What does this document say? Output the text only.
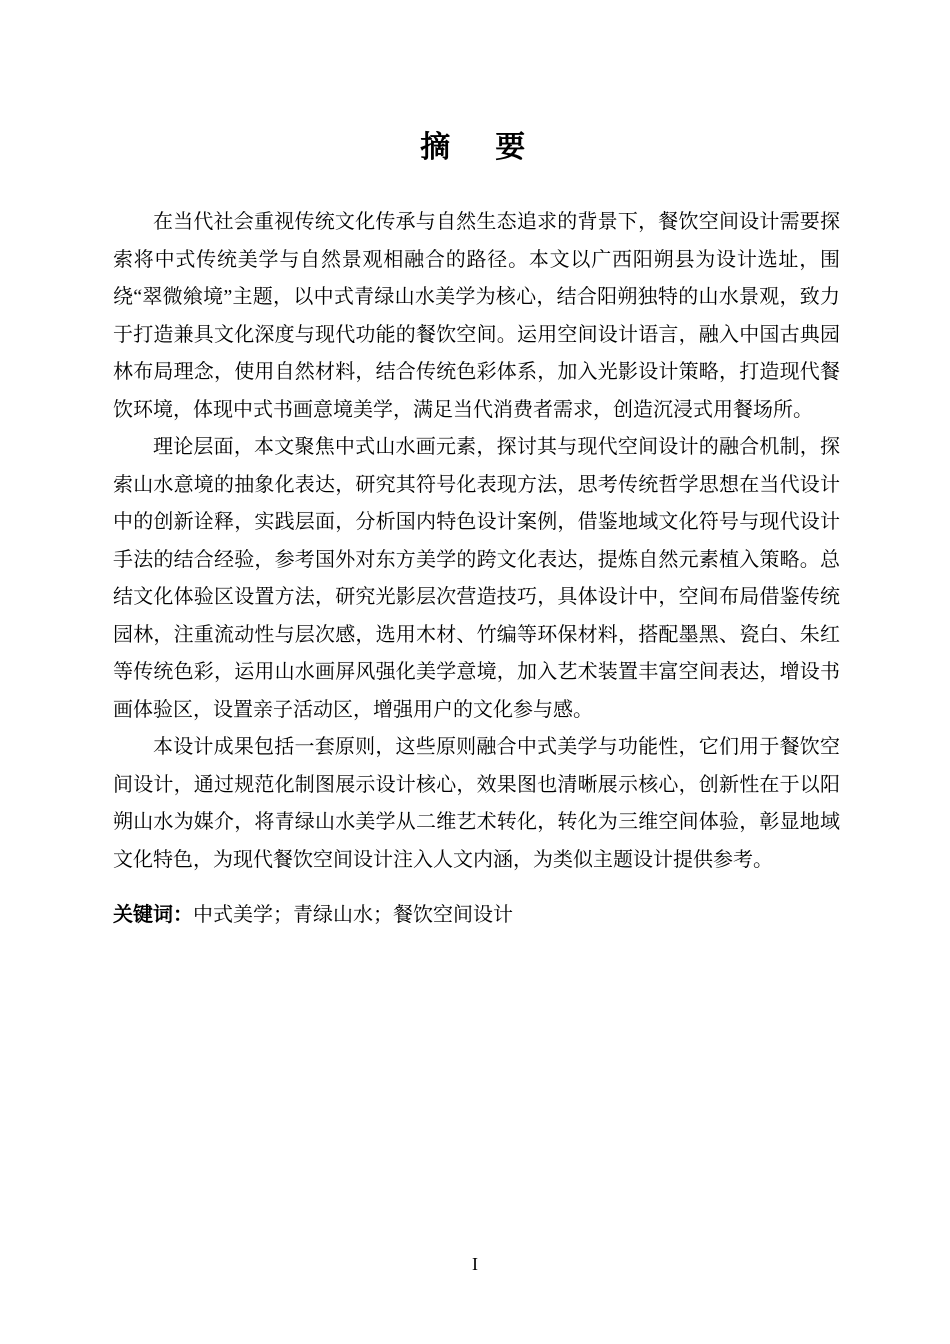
摘　要

在当代社会重视传统文化传承与自然生态追求的背景下，餐饮空间设计需要探索将中式传统美学与自然景观相融合的路径。本文以广西阳朔县为设计选址，围绕“翠微飨境”主题，以中式青绿山水美学为核心，结合阳朔独特的山水景观，致力于打造兼具文化深度与现代功能的餐饮空间。运用空间设计语言，融入中国古典园林布局理念，使用自然材料，结合传统色彩体系，加入光影设计策略，打造现代餐饮环境，体现中式书画意境美学，满足当代消费者需求，创造沉浸式用餐场所。

理论层面，本文聚焦中式山水画元素，探讨其与现代空间设计的融合机制，探索山水意境的抽象化表达，研究其符号化表现方法，思考传统哲学思想在当代设计中的创新诠释，实践层面，分析国内特色设计案例，借鉴地域文化符号与现代设计手法的结合经验，参考国外对东方美学的跨文化表达，提炼自然元素植入策略。总结文化体验区设置方法，研究光影层次营造技巧，具体设计中，空间布局借鉴传统园林，注重流动性与层次感，选用木材、竹编等环保材料，搭配墨黑、瓷白、朱红等传统色彩，运用山水画屏风强化美学意境，加入艺术装置丰富空间表达，增设书画体验区，设置亲子活动区，增强用户的文化参与感。

本设计成果包括一套原则，这些原则融合中式美学与功能性，它们用于餐饮空间设计，通过规范化制图展示设计核心，效果图也清晰展示核心，创新性在于以阳朔山水为媒介，将青绿山水美学从二维艺术转化，转化为三维空间体验，彰显地域文化特色，为现代餐饮空间设计注入人文内涵，为类似主题设计提供参考。

关键词：中式美学；青绿山水；餐饮空间设计

I
